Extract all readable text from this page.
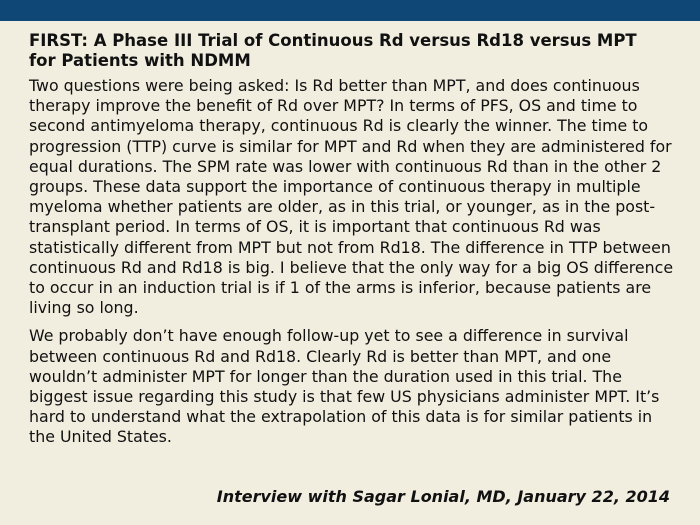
FIRST: A Phase III Trial of Continuous Rd versus Rd18 versus MPT for Patients with NDMM

Two questions were being asked: Is Rd better than MPT, and does continuous therapy improve the benefit of Rd over MPT? In terms of PFS, OS and time to second antimyeloma therapy, continuous Rd is clearly the winner. The time to progression (TTP) curve is similar for MPT and Rd when they are administered for equal durations. The SPM rate was lower with continuous Rd than in the other 2 groups. These data support the importance of continuous therapy in multiple myeloma whether patients are older, as in this trial, or younger, as in the post-transplant period. In terms of OS, it is important that continuous Rd was statistically different from MPT but not from Rd18. The difference in TTP between continuous Rd and Rd18 is big. I believe that the only way for a big OS difference to occur in an induction trial is if 1 of the arms is inferior, because patients are living so long.

We probably don’t have enough follow-up yet to see a difference in survival between continuous Rd and Rd18. Clearly Rd is better than MPT, and one wouldn’t administer MPT for longer than the duration used in this trial. The biggest issue regarding this study is that few US physicians administer MPT. It’s hard to understand what the extrapolation of this data is for similar patients in the United States.

Interview with Sagar Lonial, MD, January 22, 2014
